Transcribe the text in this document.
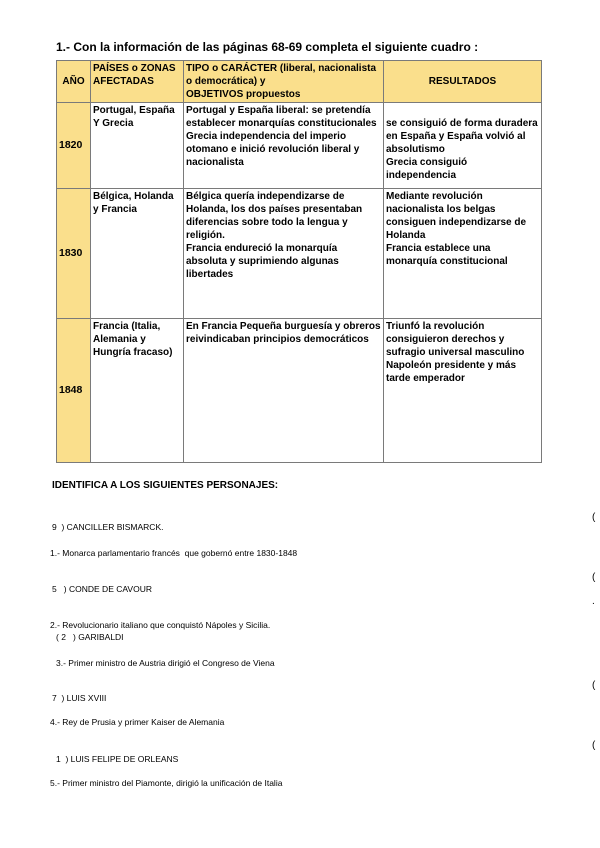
1.- Con la información de las páginas 68-69 completa el siguiente cuadro :
AÑO	PAÍSES o ZONAS AFECTADAS	TIPO o CARÁCTER (liberal, nacionalista o democrática) y
OBJETIVOS propuestos	RESULTADOS
1820	Portugal, España Y Grecia	Portugal y España liberal: se pretendía establecer monarquías constitucionales Grecia independencia del imperio otomano e inició revolución liberal y nacionalista	se consiguió de forma duradera en España y España volvió al absolutismo
Grecia consiguió independencia
1830	Bélgica, Holanda y Francia	Bélgica quería independizarse de Holanda, los dos países presentaban diferencias sobre todo la lengua y religión.
Francia endureció la monarquía absoluta y suprimiendo algunas libertades	Mediante revolución nacionalista los belgas consiguen independizarse de Holanda
Francia establece una monarquía constitucional
1848	Francia (Italia, Alemania y Hungría fracaso)	En Francia Pequeña burguesía y obreros reivindicaban principios democráticos	Triunfó la revolución consiguieron derechos y sufragio universal masculino Napoleón presidente y más tarde emperador
IDENTIFICA A LOS SIGUIENTES PERSONAJES:
9  ) CANCILLER BISMARCK.
1.- Monarca parlamentario francés  que gobernó entre 1830-1848
5   ) CONDE DE CAVOUR
2.- Revolucionario italiano que conquistó Nápoles y Sicilia.
( 2   ) GARIBALDI
3.- Primer ministro de Austria dirigió el Congreso de Viena
7  ) LUIS XVIII
4.- Rey de Prusia y primer Kaiser de Alemania
1  ) LUIS FELIPE DE ORLEANS
5.- Primer ministro del Piamonte, dirigió la unificación de Italia
(
(
.
(
(
